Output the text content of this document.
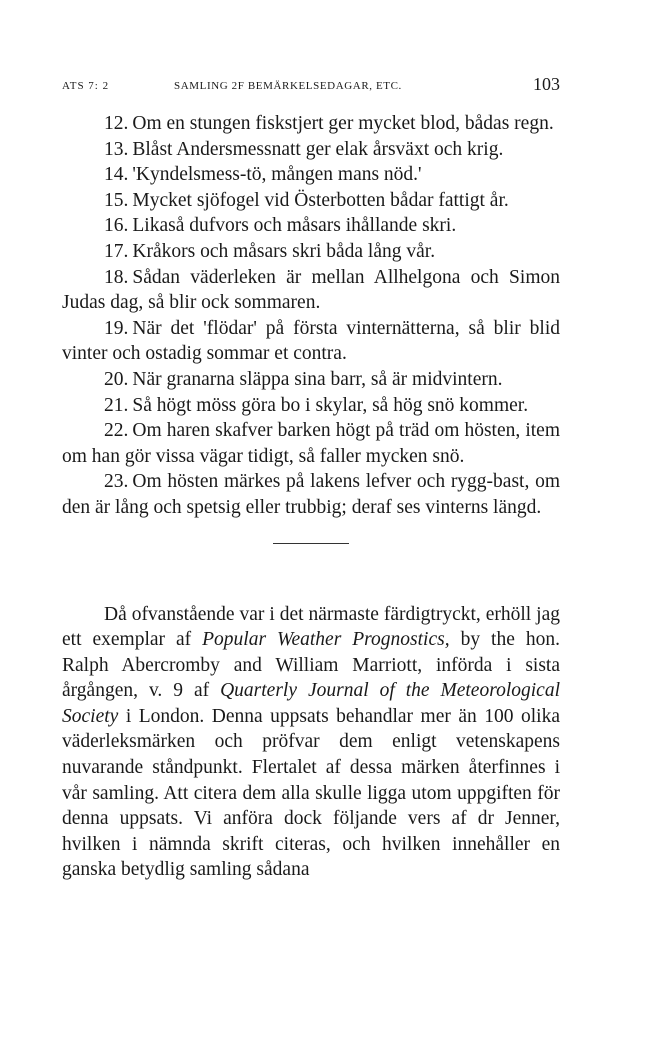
ATS 7: 2	SAMLING 2F BEMÄRKELSEDAGAR, ETC.	103

12. Om en stungen fiskstjert ger mycket blod, bådas regn.

13. Blåst Andersmessnatt ger elak årsväxt och krig.

14. 'Kyndelsmess-tö, mången mans nöd.'

15. Mycket sjöfogel vid Österbotten bådar fattigt år.

16. Likaså dufvors och måsars ihållande skri.

17. Kråkors och måsars skri båda lång vår.

18. Sådan väderleken är mellan Allhelgona och Simon Judas dag, så blir ock sommaren.

19. När det 'flödar' på första vinternätterna, så blir blid vinter och ostadig sommar et contra.

20. När granarna släppa sina barr, så är midvintern.

21. Så högt möss göra bo i skylar, så hög snö kommer.

22. Om haren skafver barken högt på träd om hösten, item om han gör vissa vägar tidigt, så faller mycken snö.

23. Om hösten märkes på lakens lefver och rygg-bast, om den är lång och spetsig eller trubbig; deraf ses vinterns längd.

Då ofvanstående var i det närmaste färdigtryckt, erhöll jag ett exemplar af Popular Weather Prognostics, by the hon. Ralph Abercromby and William Marriott, införda i sista årgången, v. 9 af Quarterly Journal of the Meteorological Society i London. Denna uppsats behandlar mer än 100 olika väderleksmärken och pröfvar dem enligt vetenskapens nuvarande ståndpunkt. Flertalet af dessa märken återfinnes i vår samling. Att citera dem alla skulle ligga utom uppgiften för denna uppsats. Vi anföra dock följande vers af dr Jenner, hvilken i nämnda skrift citeras, och hvilken innehåller en ganska betydlig samling sådana
